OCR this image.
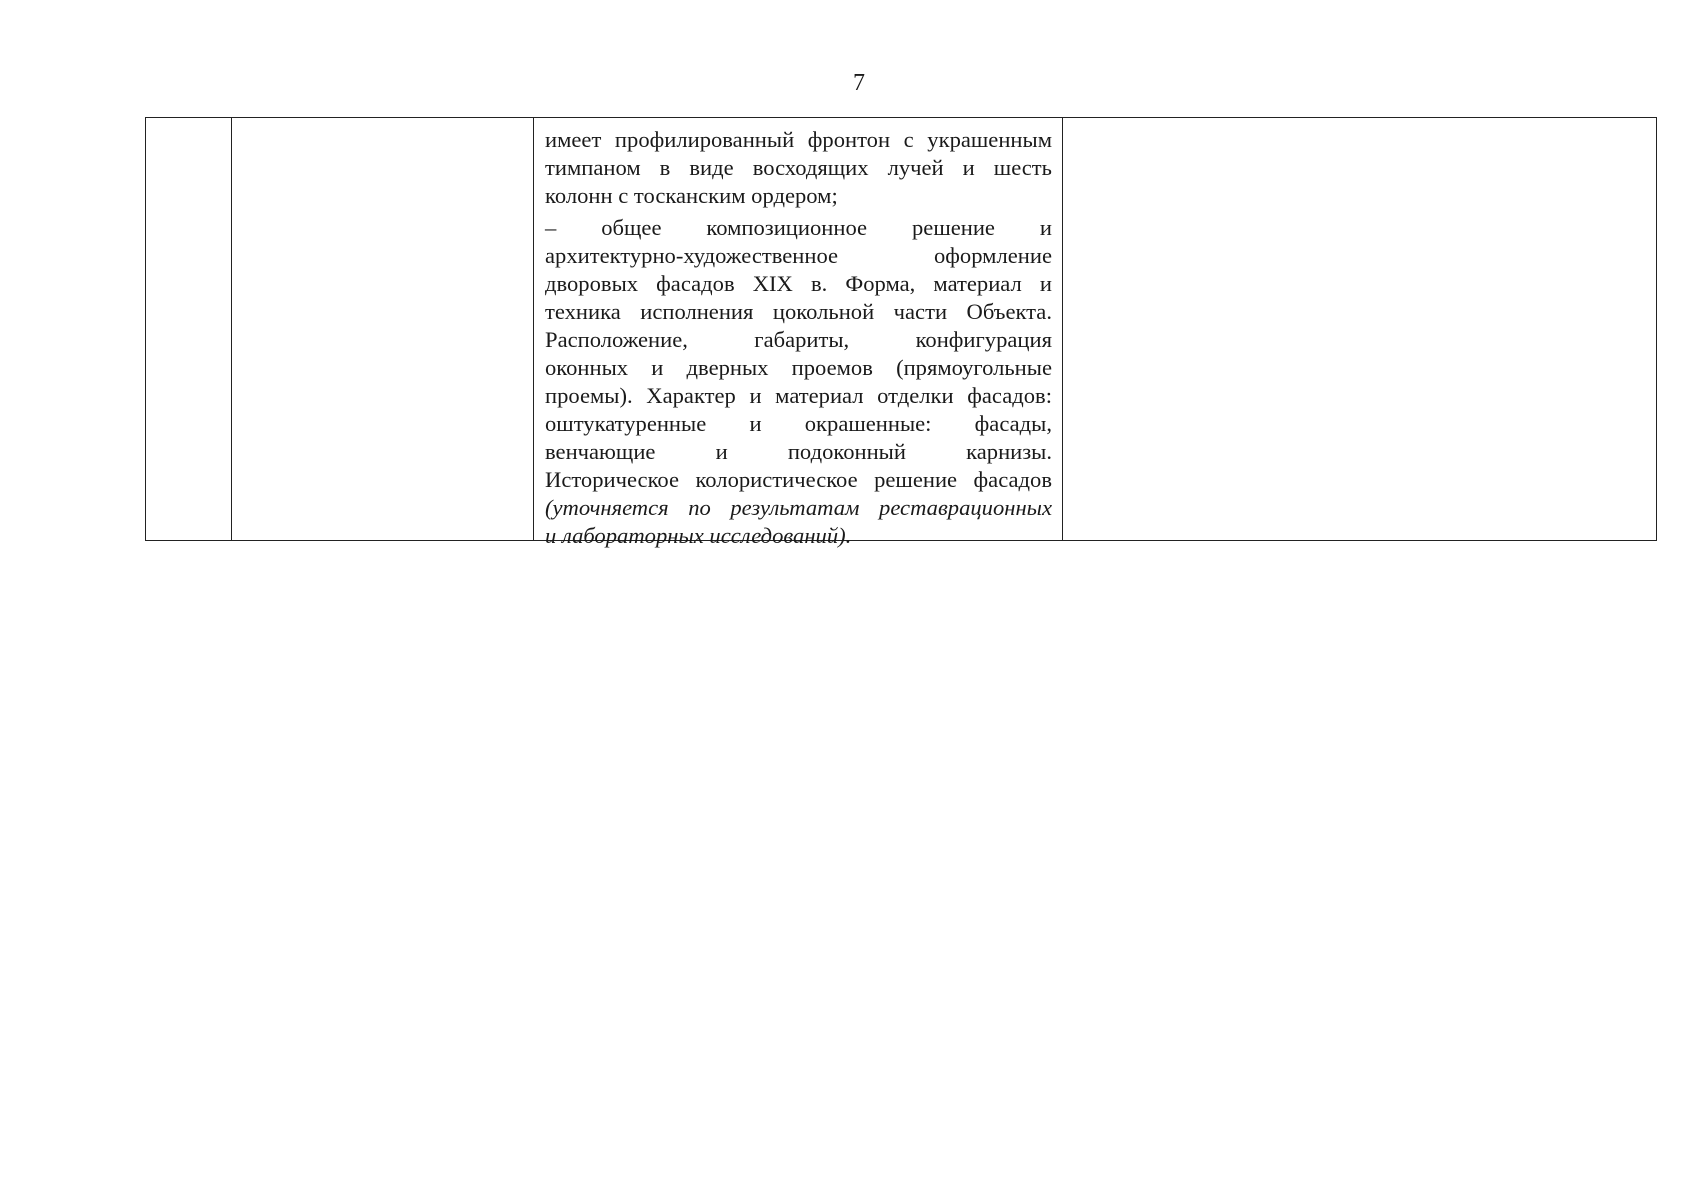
7
имеет профилированный фронтон с украшенным
тимпаном в виде восходящих лучей и шесть
колонн с тосканским ордером;
– общее композиционное решение и
архитектурно-художественное оформление
дворовых фасадов XIX в. Форма, материал и
техника исполнения цокольной части Объекта.
Расположение, габариты, конфигурация
оконных и дверных проемов (прямоугольные
проемы). Характер и материал отделки фасадов:
оштукатуренные и окрашенные: фасады,
венчающие и подоконный карнизы.
Историческое колористическое решение фасадов
(уточняется по результатам реставрационных
и лабораторных исследований).
